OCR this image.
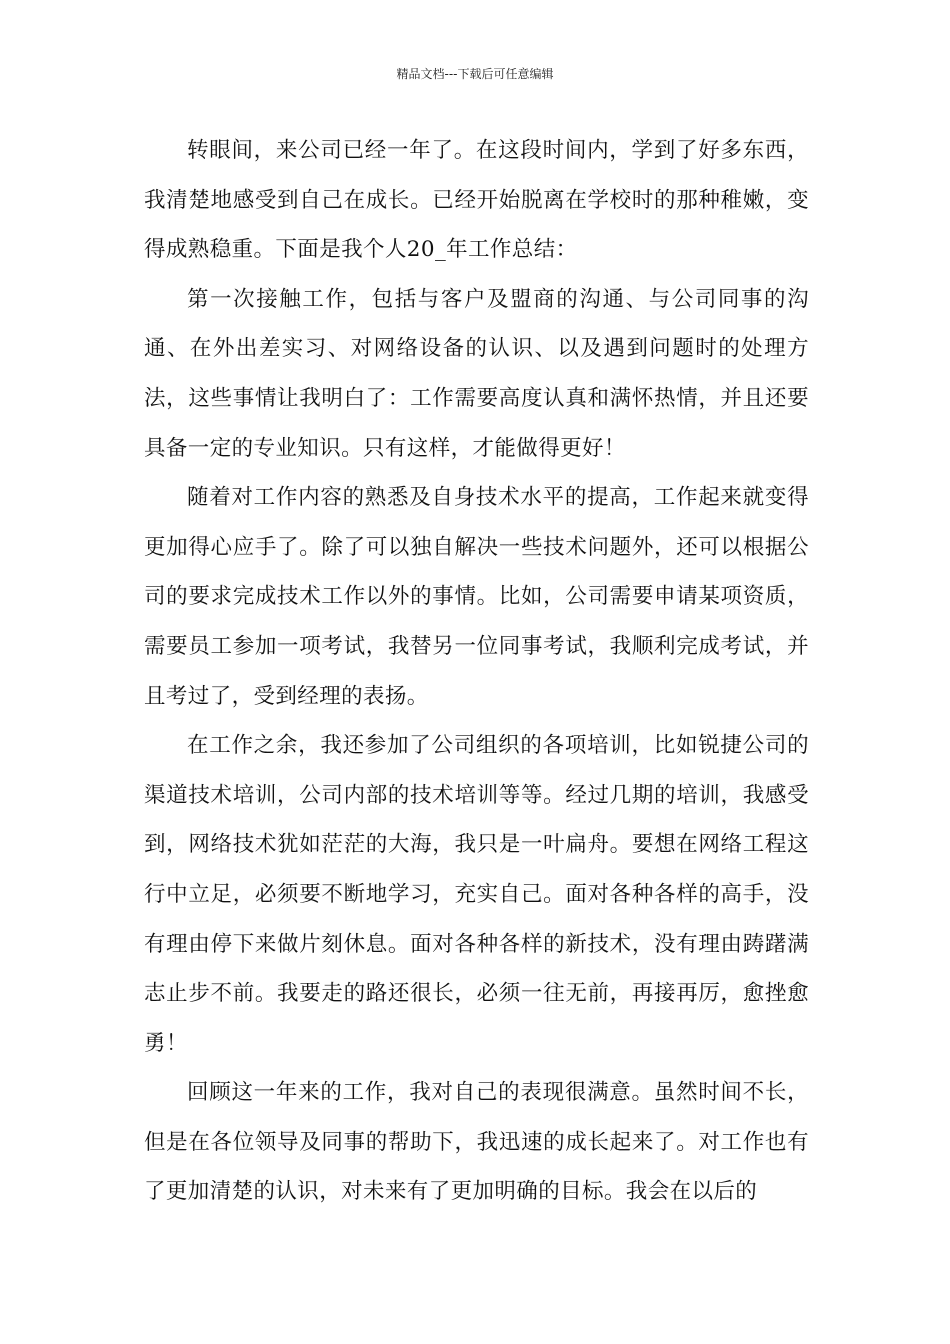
精品文档---下载后可任意编辑

转眼间，来公司已经一年了。在这段时间内，学到了好多东西，我清楚地感受到自己在成长。已经开始脱离在学校时的那种稚嫩，变得成熟稳重。下面是我个人20_年工作总结：

第一次接触工作，包括与客户及盟商的沟通、与公司同事的沟通、在外出差实习、对网络设备的认识、以及遇到问题时的处理方法，这些事情让我明白了：工作需要高度认真和满怀热情，并且还要具备一定的专业知识。只有这样，才能做得更好！

随着对工作内容的熟悉及自身技术水平的提高，工作起来就变得更加得心应手了。除了可以独自解决一些技术问题外，还可以根据公司的要求完成技术工作以外的事情。比如，公司需要申请某项资质，需要员工参加一项考试，我替另一位同事考试，我顺利完成考试，并且考过了，受到经理的表扬。

在工作之余，我还参加了公司组织的各项培训，比如锐捷公司的渠道技术培训，公司内部的技术培训等等。经过几期的培训，我感受到，网络技术犹如茫茫的大海，我只是一叶扁舟。要想在网络工程这行中立足，必须要不断地学习，充实自己。面对各种各样的高手，没有理由停下来做片刻休息。面对各种各样的新技术，没有理由踌躇满志止步不前。我要走的路还很长，必须一往无前，再接再厉，愈挫愈勇！

回顾这一年来的工作，我对自己的表现很满意。虽然时间不长，但是在各位领导及同事的帮助下，我迅速的成长起来了。对工作也有了更加清楚的认识，对未来有了更加明确的目标。我会在以后的
